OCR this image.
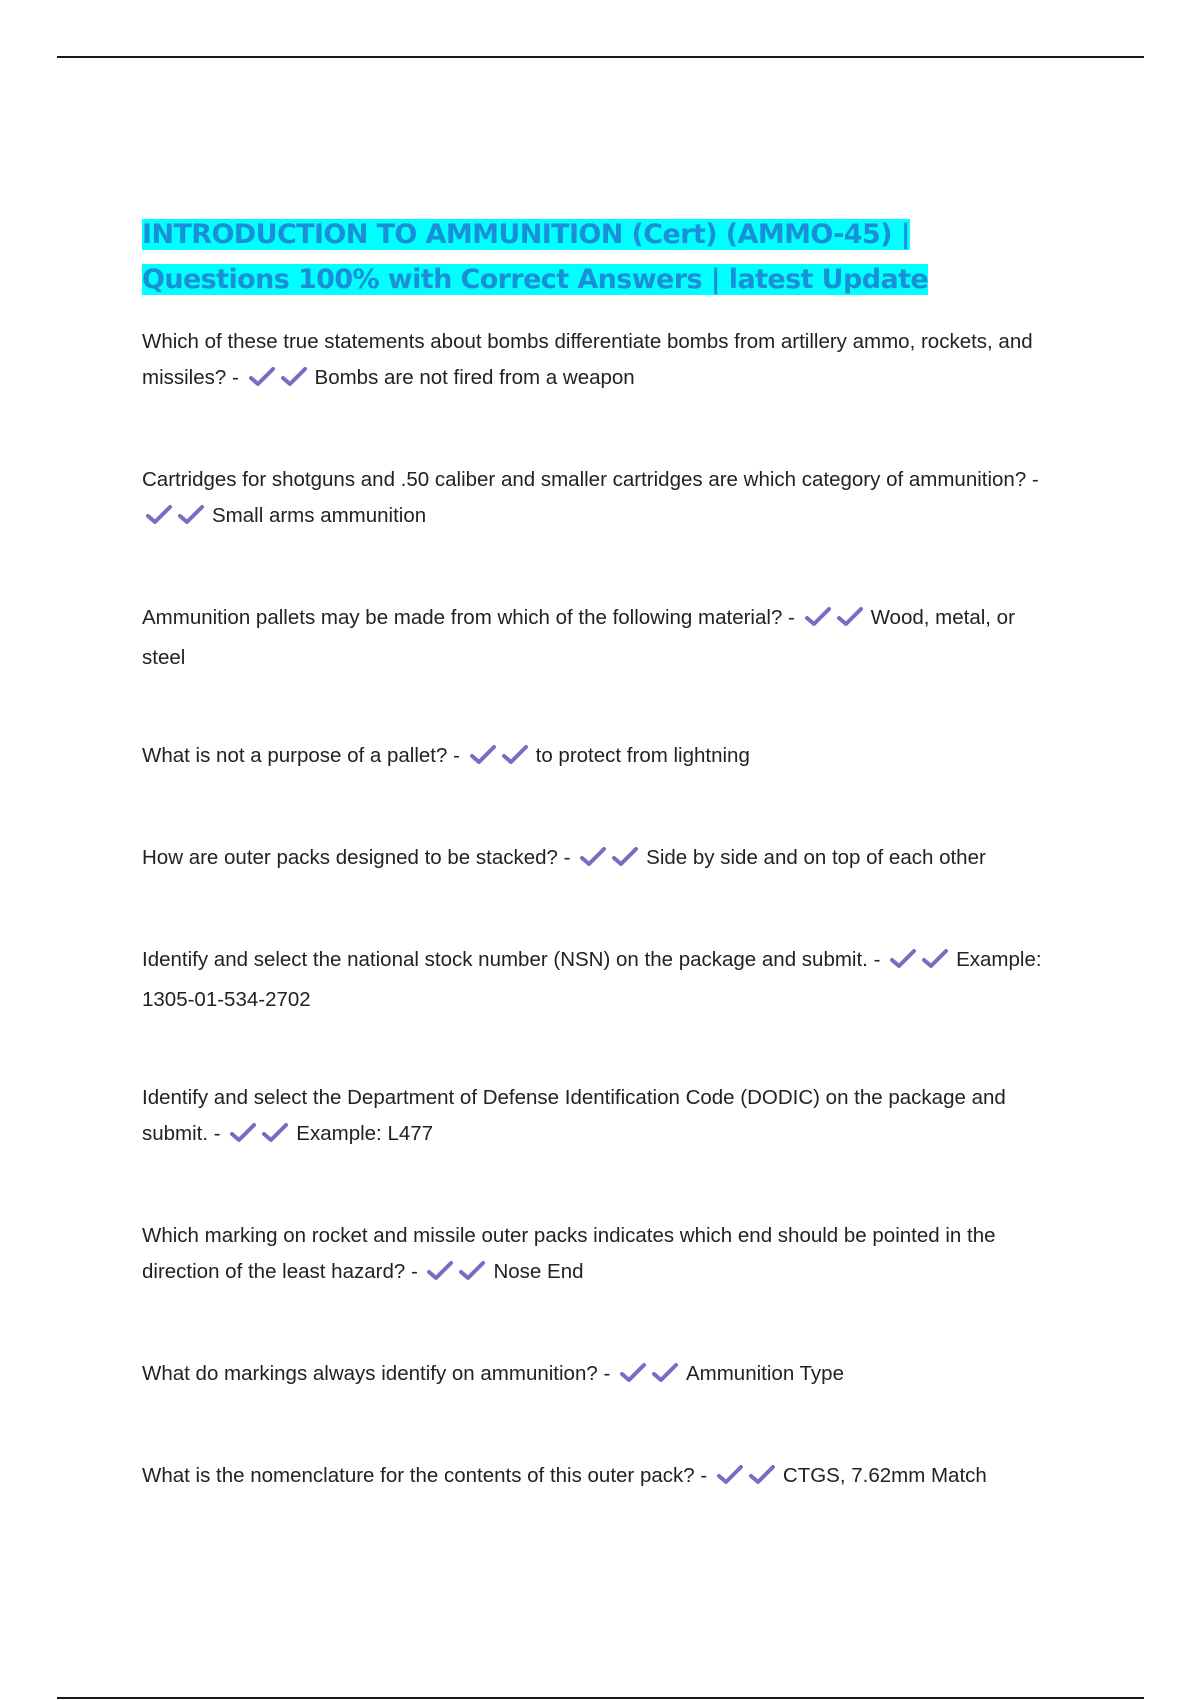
INTRODUCTION TO AMMUNITION (Cert) (AMMO-45) | Questions 100% with Correct Answers | latest Update

Which of these true statements about bombs differentiate bombs from artillery ammo, rockets, and missiles? -	Bombs are not fired from a weapon

Cartridges for shotguns and .50 caliber and smaller cartridges are which category of ammunition? -
Small arms ammunition

Ammunition pallets may be made from which of the following material? -	Wood, metal, or steel

What is not a purpose of a pallet? -	to protect from lightning

How are outer packs designed to be stacked? -	Side by side and on top of each other

Identify and select the national stock number (NSN) on the package and submit. -	Example: 1305-01-534-2702

Identify and select the Department of Defense Identification Code (DODIC) on the package and submit. -	Example: L477

Which marking on rocket and missile outer packs indicates which end should be pointed in the direction of the least hazard? -	Nose End

What do markings always identify on ammunition? -	Ammunition Type

What is the nomenclature for the contents of this outer pack? -	CTGS, 7.62mm Match
